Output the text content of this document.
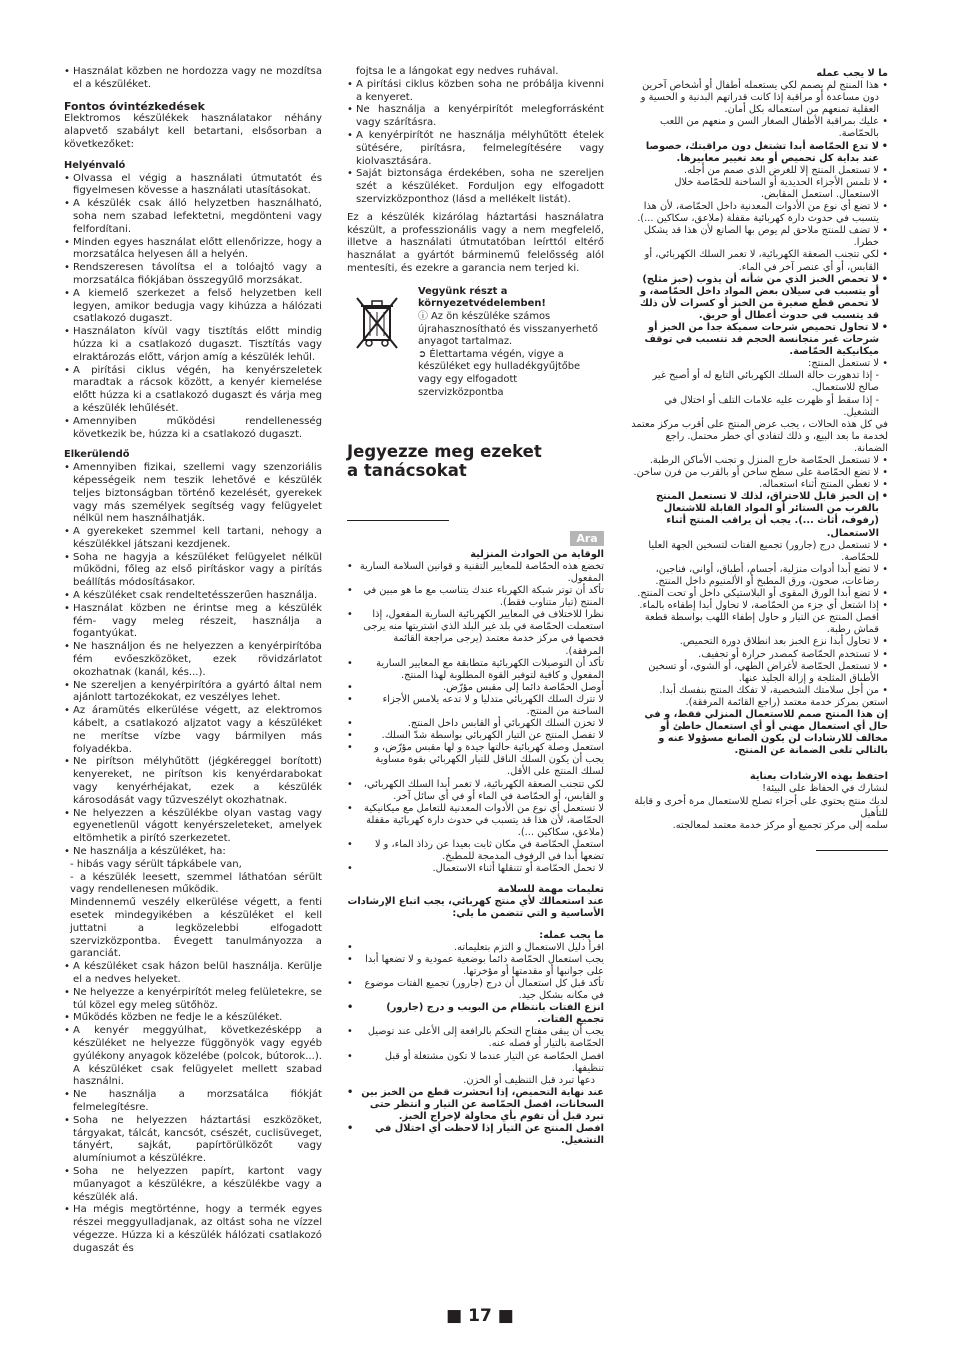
• Használat közben ne hordozza vagy ne mozdítsa el a készüléket.
Fontos óvintézkedések

Elektromos készülékek használatakor néhány alapvető szabályt kell betartani, elsősorban a következőket:

Helyénvaló
• Olvassa el végig a használati útmutatót és figyelmesen kövesse a használati utasításokat.
• A készülék csak álló helyzetben használható, soha nem szabad lefektetni, megdönteni vagy felfordítani.
• Minden egyes használat előtt ellenőrizze, hogy a morzsatálca helyesen áll a helyén.
• Rendszeresen távolítsa el a tolóajtó vagy a morzsatálca fiókjában összegyűlő morzsákat.
• A kiemelő szerkezet a felső helyzetben kell legyen, amikor bedugja vagy kihúzza a hálózati csatlakozó dugaszt.
• Használaton kívül vagy tisztítás előtt mindig húzza ki a csatlakozó dugaszt. Tisztítás vagy elraktározás előtt, várjon amíg a készülék lehűl.
• A pirítási ciklus végén, ha kenyérszeletek maradtak a rácsok között, a kenyér kiemelése előtt húzza ki a csatlakozó dugaszt és várja meg a készülék lehűlését.
• Amennyiben működési rendellenesség következik be, húzza ki a csatlakozó dugaszt.
Elkerülendő
• Amennyiben fizikai, szellemi vagy szenzoriális képességeik nem teszik lehetővé e készülék teljes biztonságban történő kezelését, gyerekek vagy más személyek segítség vagy felügyelet nélkül nem használhatják.
• A gyerekeket szemmel kell tartani, nehogy a készülékkel játszani kezdjenek.
• Soha ne hagyja a készüléket felügyelet nélkül működni, főleg az első pirításkor vagy a pirítás beállítás módosításakor.
• A készüléket csak rendeltetésszerűen használja.
• Használat közben ne érintse meg a készülék fém- vagy meleg részeit, használja a fogantyúkat.
• Ne használjon és ne helyezzen a kenyérpirítóba fém evőeszközöket, ezek rövidzárlatot okozhatnak (kanál, kés...).
• Ne szereljen a kenyérpirítóra a gyártó által nem ajánlott tartozékokat, ez veszélyes lehet.
• Az áramütés elkerülése végett, az elektromos kábelt, a csatlakozó aljzatot vagy a készüléket ne merítse vízbe vagy bármilyen más folyadékba.
• Ne pirítson mélyhűtött (jégkéreggel borított) kenyereket, ne pirítson kis kenyérdarabokat vagy kenyérhéjakat, ezek a készülék károsodását vagy tűzveszélyt okozhatnak.
• Ne helyezzen a készülékbe olyan vastag vagy egyenetlenül vágott kenyérszeleteket, amelyek eltömhetik a pirító szerkezetet.
• Ne használja a készüléket, ha:
- hibás vagy sérült tápkábele van,
- a készülék leesett, szemmel láthatóan sérült vagy rendellenesen működik.

Mindennemű veszély elkerülése végett, a fenti esetek mindegyikében a készüléket el kell juttatni a legközelebbi elfogadott szervizközpontba. Évegett tanulmányozza a garanciát.

• A készüléket csak házon belül használja. Kerülje el a nedves helyeket.
• Ne helyezze a kenyérpirítót meleg felületekre, se túl közel egy meleg sütőhöz.
• Működés közben ne fedje le a készüléket.
• A kenyér meggyúlhat, következésképp a készüléket ne helyezze függönyök vagy egyéb gyúlékony anyagok közelébe (polcok, bútorok...). A készüléket csak felügyelet mellett szabad használni.
• Ne használja a morzsatálca fiókját felmelegítésre.
• Soha ne helyezzen háztartási eszközöket, tárgyakat, tálcát, kancsót, csészét, cuclisüveget, tányért, sajkát, papírtörülközőt vagy alumíniumot a készülékre.
• Soha ne helyezzen papírt, kartont vagy műanyagot a készülékre, a készülékbe vagy a készülék alá.
• Ha mégis megtörténne, hogy a termék egyes részei meggyulladjanak, az oltást soha ne vízzel végezze. Húzza ki a készülék hálózati csatlakozó dugaszát és

fojtsa le a lángokat egy nedves ruhával.

• A pirítási ciklus közben soha ne próbálja kivenni a kenyeret.
• Ne használja a kenyérpirítót melegforrásként vagy szárításra.
• A kenyérpirítót ne használja mélyhűtött ételek sütésére, pirításra, felmelegítésére vagy kiolvasztására.
• Saját biztonsága érdekében, soha ne szereljen szét a készüléket. Forduljon egy elfogadott szervizközponthoz (lásd a mellékelt listát).

Ez a készülék kizárólag háztartási használatra készült, a professzionális vagy a nem megfelelő, illetve a használati útmutatóban leírttól eltérő használat a gyártót bárminemű felelősség alól mentesíti, és ezekre a garancia nem terjed ki.

Vegyünk részt a környezetvédelemben!

ⓘ Az ön készüléke számos újrahasznosítható és visszanyerhető anyagot tartalmaz.

➲ Élettartama végén, vigye a készüléket egy hulladékgyűjtőbe vagy egy elfogadott szervizközpontba

Jegyezze meg ezeket
a tanácsokat
Ara

الوقاية من الحوادث المنزلية

• تخضع هذه الحمّاصة للمعايير التقنية و قوانين السلامة السارية المفعول.
• تأكد أن توتر شبكة الكهرباء عندك يتناسب مع ما هو مبين في المنتج (تيار متناوب فقط).
• نظرا للاختلاف في المعايير الكهربائية السارية المفعول، إذا استعملت الحمّاصة في بلد غير البلد الذي اشتريتها منه يرجى فحصها في مركز خدمة معتمد (يرجى مراجعة القائمة المرفقة).
• تأكد أن التوصيلات الكهربائية متطابقة مع المعايير السارية المفعول و كافية لتوفير القوة المطلوبة لهذا المنتج.
• أوصل الحمّاصة دائما إلى مقبس مؤرّض.
• لا تترك السلك الكهربائي متدليا و لا تدعه يلامس الأجزاء الساخنة من المنتج.
• لا تخزن السلك الكهربائي أو القابس داخل المنتج.
• لا تفصل المنتج عن التيار الكهربائي بواسطة شدّ السلك.
• استعمل وصلة كهربائية حالتها جيدة و لها مقبس مؤرّض، و يجب أن يكون السلك الناقل للتيار الكهربائي بقوة مساوية لسلك المنتج على الأقل.
• لكي تتجنب الصعقة الكهربائية، لا تغمر أبدا السلك الكهربائي، و القابس، أو الحمّاصة في الماء أو في أي سائل آخر.
• لا تستعمل أي نوع من الأدوات المعدنية للتعامل مع ميكانيكية الحمّاصة، لأن هذا قد يتسبب في حدوث دارة كهربائية مقفلة (ملاعق، سكاكين ...).
• استعمل الحمّاصة في مكان ثابت بعيدا عن رذاذ الماء، و لا تضعها أبدا في الرفوف المدمجة للمطبخ.
• لا تحمل الحمّاصة أو تتنقلها أثناء الاستعمال.

تعليمات مهمة للسلامة

عند استعمالك لأي منتج كهربائي، يجب اتباع الإرشادات الأساسية و التي تتضمن ما يلي:

ما يجب عمله:

• اقرأ دليل الاستعمال و التزم بتعليماته.
• يجب استعمال الحمّاصة دائما بوضعية عمودية و لا تضعها أبدا على جوانبها أو مقدمتها أو مؤخرتها.
• تأكد قبل كل استعمال أن درج (جارور) تجميع الفتات موضوع في مكانه بشكل جيد.
• انزع الفتات بانتظام من البويب و درج (جارور) تجميع الفتات.
• يجب أن يبقى مفتاح التحكم بالرافعة إلى الأعلى عند توصيل الحمّاصة بالتيار أو فصله عنه.
• افصل الحمّاصة عن التيار عندما لا تكون مشتغلة أو قبل تنظيفها.

دعها تبرد قبل التنظيف أو الخزن.

• عند نهاية التحميص، إذا انحشرت قطع من الخبز بين السخانات، افصل الحمّاصة عن التيار و انتظر حتى تبرد قبل أن تقوم بأي محاولة لإخراج الخبز.
• افصل المنتج عن التيار إذا لاحظت أي اختلال في التشغيل.

ما لا يجب عمله

• هذا المنتج لم يصمم لكي يستعمله أطفال أو أشخاص آخرين دون مساعدة أو مراقبة إذا كانت قدراتهم البدنية و الحسية و العقلية تمنعهم من استعماله بكل أمان.
• عليك بمراقبة الأطفال الصغار السن و منعهم من اللعب بالحمّاصة.
• لا تدع الحمّاصة أبدا تشتغل دون مراقبتك، خصوصا عند بداية كل تحميص أو بعد تغيير معاييرها.
• لا تستعمل المنتج إلا للغرض الذي صمم من أجله.
• لا تلمس الأجزاء الحديدية أو الساخنة للحمّاصة خلال الاستعمال. استعمل المقابض.
• لا تضع أي نوع من الأدوات المعدنية داخل الحمّاصة، لأن هذا يتسبب في حدوث دارة كهربائية مقفلة (ملاعق، سكاكين ...).
• لا تضف للمنتج ملاحق لم يوص بها الصانع لأن هذا قد يشكل خطرا.
• لكي تتجنب الصعقة الكهربائية، لا تغمر السلك الكهربائي، أو القابس، أو أي عنصر آخر في الماء.
• لا تحمص الخبز الذي من شأنه أن يذوب (خبز مثلج) أو يتسبب في سيلان بعض المواد داخل الحمّاصة، و لا تحمص قطع صغيرة من الخبز أو كسرات لأن ذلك قد يتسبب في حدوث أعطال أو حريق.
• لا تحاول تحميص شرحات سميكة جدا من الخبز أو شرحات غير متجانسة الحجم قد تتسبب في توقف ميكانيكية الحمّاصة.
• لا تستعمل المنتج:
- إذا تدهورت حالة السلك الكهربائي التابع له أو أصبح غير صالح للاستعمال.
- إذا سقط أو ظهرت عليه علامات التلف أو اختلال في التشغيل.

في كل هذه الحالات ، يجب عرض المنتج على أقرب مركز معتمد لخدمة ما بعد البيع، و ذلك لتفادي أي خطر محتمل. راجع الضمانة.

• لا تستعمل الحمّاصة خارج المنزل و تجنب الأماكن الرطبة.
• لا تضع الحمّاصة على سطح ساخن أو بالقرب من فرن ساخن.
• لا تغطي المنتج أثناء استعماله.
• إن الخبز قابل للاحتراق، لذلك لا تستعمل المنتج بالقرب من الستائر أو المواد القابلة للاشتعال (رفوف، أثاث ...). يجب أن يراقب المنتج أثناء الاستعمال.
• لا تستعمل درج (جارور) تجميع الفتات لتسخين الجهة العليا للحمّاصة.
• لا تضع أبدا أدوات منزلية، أجسام، أطباق، أواني، فناجين، رضاعات، صحون، ورق المطبخ أو الألمنيوم داخل المنتج.
• لا تضع أبدا الورق المقوى أو البلاستيكي داخل أو تحت المنتج.
• إذا اشتعل أي جزء من الحمّاصة، لا تحاول أبدا إطفاءه بالماء. افصل المنتج عن التيار و حاول إطفاء اللهب بواسطة قطعة قماش رطبة.
• لا تحاول أبدا نزع الخبز بعد انطلاق دورة التحميص.
• لا تستخدم الحمّاصة كمصدر حرارة أو تجفيف.
• لا تستعمل الحمّاصة لأغراض الطهي، أو الشوي، أو تسخين الأطباق المثلجة و إزالة الجليد عنها.
• من أجل سلامتك الشخصية، لا تفكك المنتج بنفسك أبدا.

استعن بمركز خدمة معتمد (راجع القائمة المرفقة).

إن هذا المنتج صمم للاستعمال المنزلي فقط، و في حال أي استعمال مهني أو أي استعمال خاطئ أو مخالف للارشادات لن يكون الصانع مسؤولا عنه و بالتالي تلغى الضمانة عن المنتج.

احتفظ بهذه الارشادات بعناية

لنشارك في الحفاظ على البيئة!
لديك منتج يحتوي على أجزاء تصلح للاستعمال مرة أخرى و قابلة للتأهيل
سلمه إلى مركز تجميع أو مركز خدمة معتمد لمعالجته.
■ 17 ■
